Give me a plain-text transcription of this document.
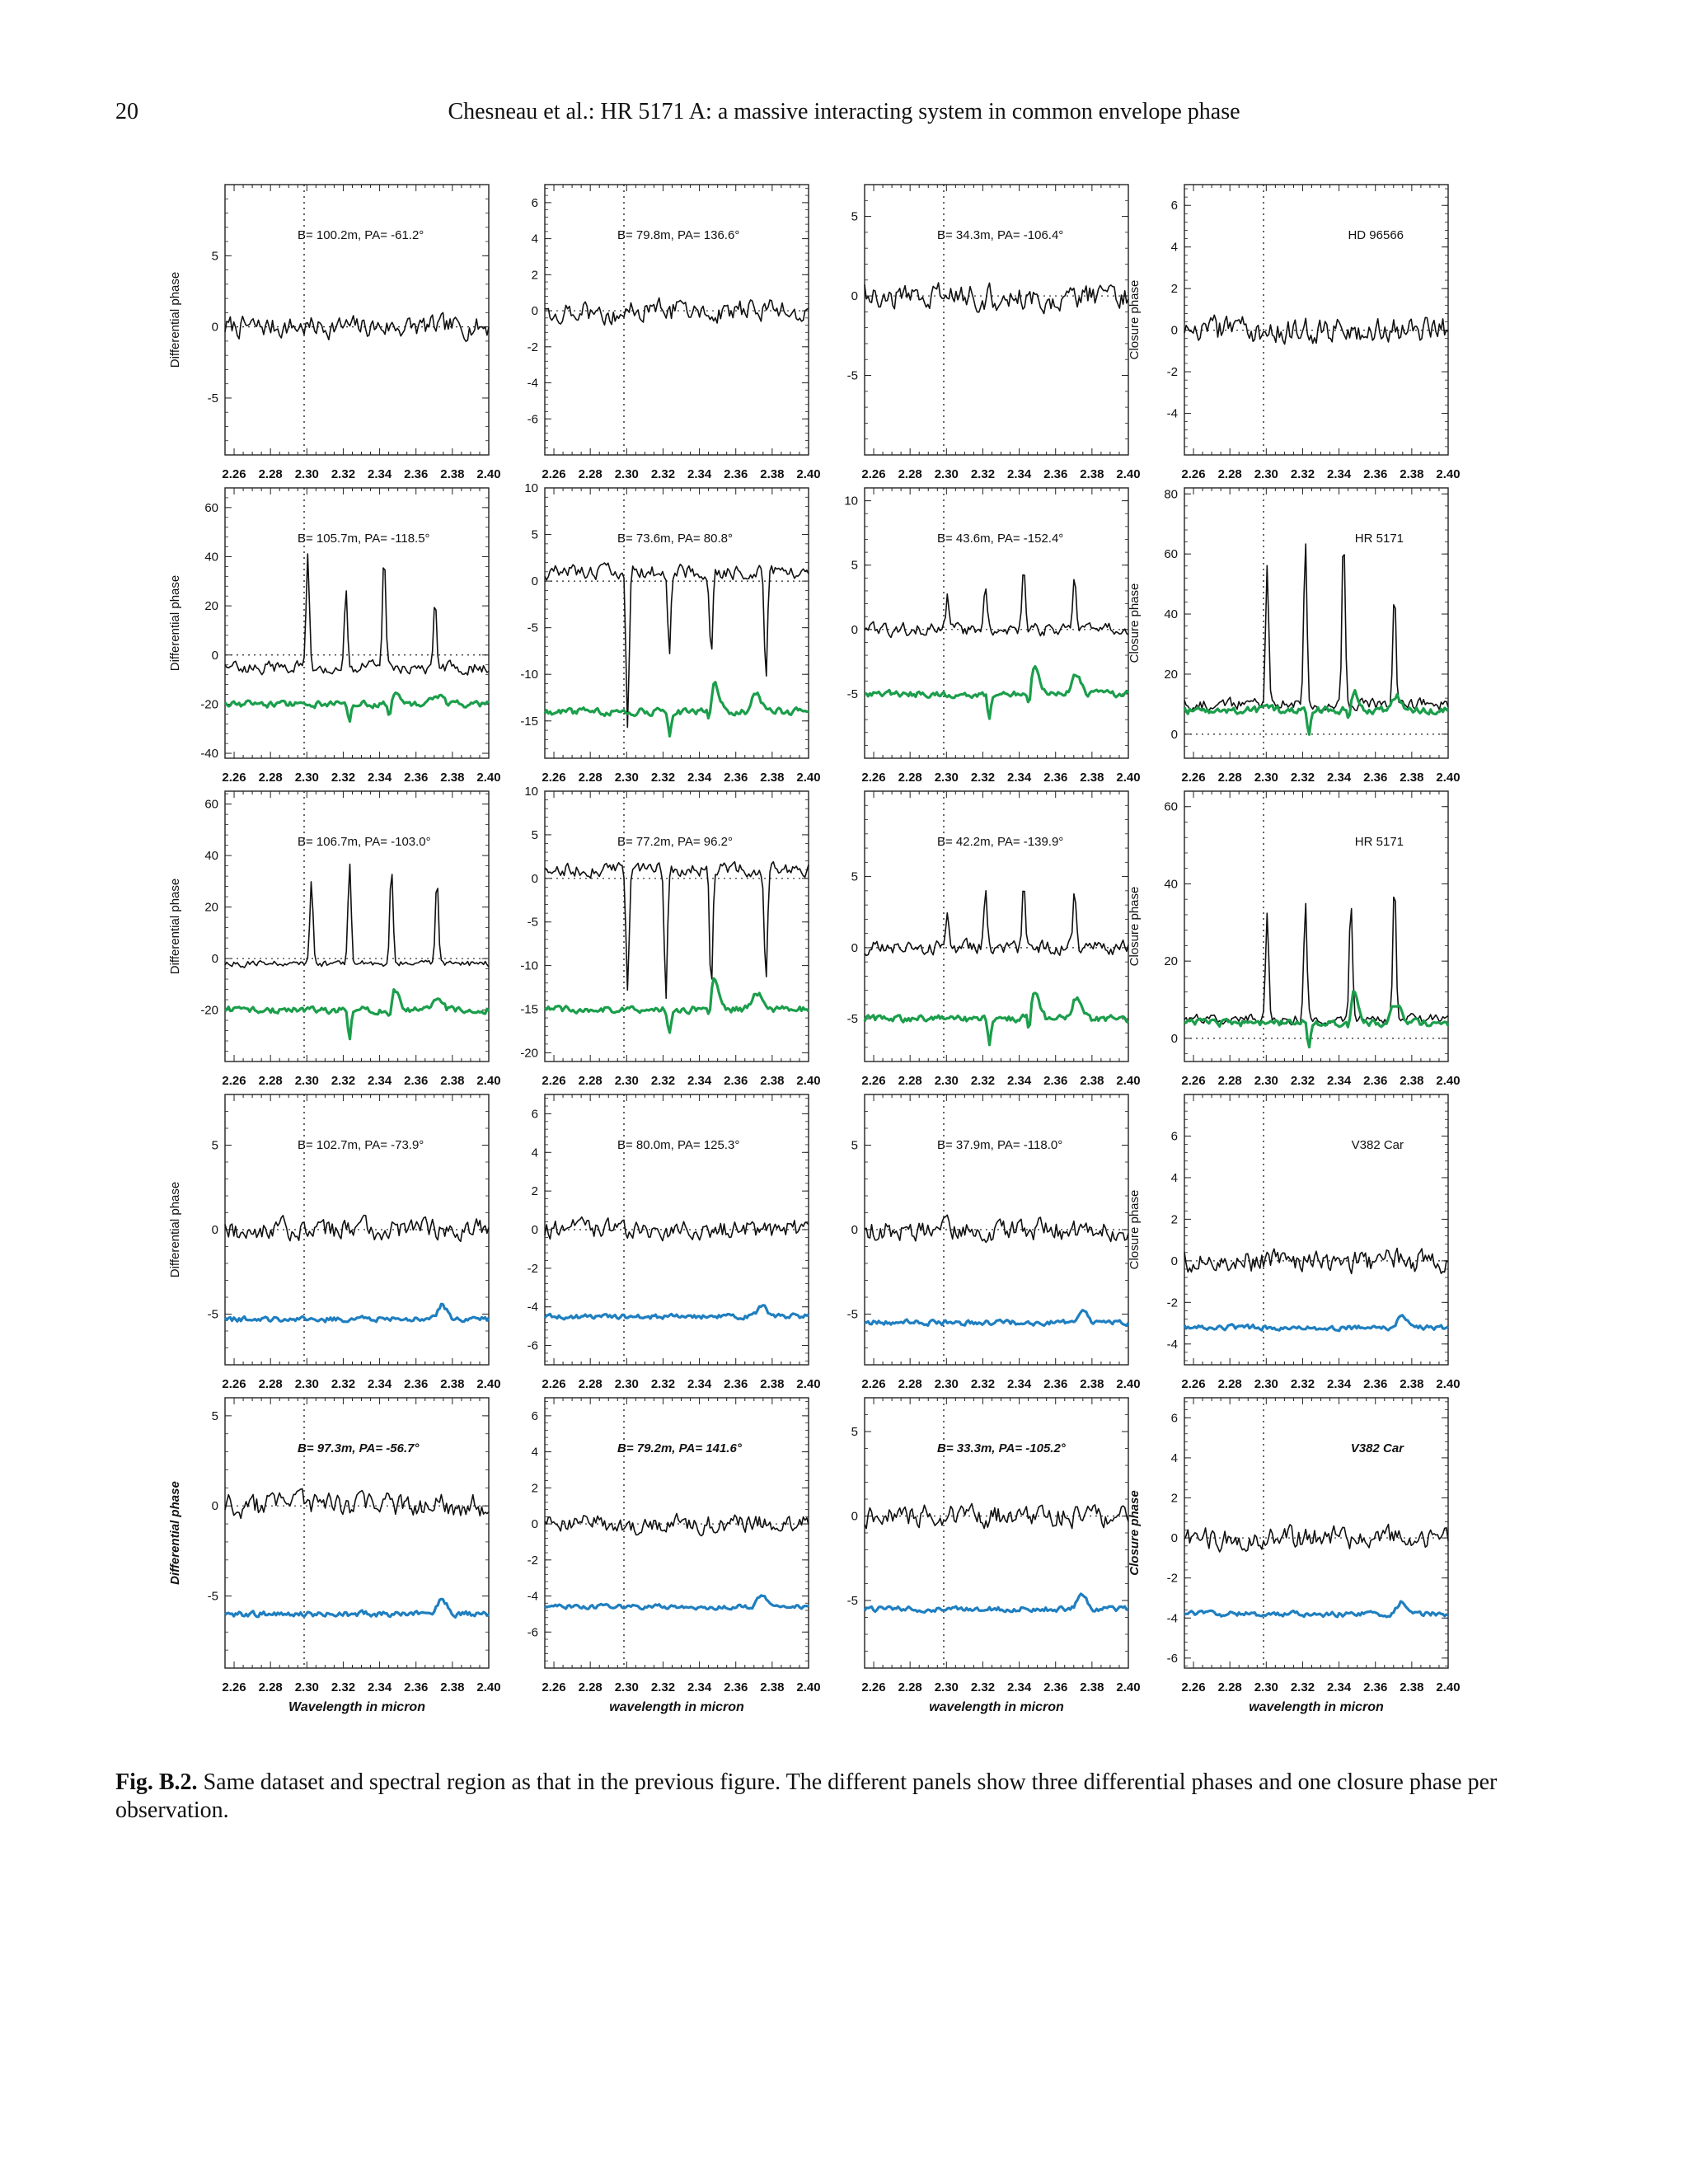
20	Chesneau et al.: HR 5171 A: a massive interacting system in common envelope phase
2.26 2.28 2.30 2.32 2.34 2.36 2.38 2.40
-5
0
5
B= 100.2m, PA= -61.2°
Differential phase
2.26 2.28 2.30 2.32 2.34 2.36 2.38 2.40
-6
-4
-2
0
2
4
6
B= 79.8m, PA= 136.6°
2.26 2.28 2.30 2.32 2.34 2.36 2.38 2.40
-5
0
5
B= 34.3m, PA= -106.4°
2.26 2.28 2.30 2.32 2.34 2.36 2.38 2.40
-4
-2
0
2
4
6
HD 96566
Closure phase
2.26 2.28 2.30 2.32 2.34 2.36 2.38 2.40
-40
-20
0
20
40
60
B= 105.7m, PA= -118.5°
Differential phase
2.26 2.28 2.30 2.32 2.34 2.36 2.38 2.40
-15
-10
-5
0
5
10
B= 73.6m, PA= 80.8°
2.26 2.28 2.30 2.32 2.34 2.36 2.38 2.40
-5
0
5
10
B= 43.6m, PA= -152.4°
2.26 2.28 2.30 2.32 2.34 2.36 2.38 2.40
0
20
40
60
80
HR 5171
Closure phase
2.26 2.28 2.30 2.32 2.34 2.36 2.38 2.40
-20
0
20
40
60
B= 106.7m, PA= -103.0°
Differential phase
2.26 2.28 2.30 2.32 2.34 2.36 2.38 2.40
-20
-15
-10
-5
0
5
10
B= 77.2m, PA= 96.2°
2.26 2.28 2.30 2.32 2.34 2.36 2.38 2.40
-5
0
5
B= 42.2m, PA= -139.9°
2.26 2.28 2.30 2.32 2.34 2.36 2.38 2.40
0
20
40
60
HR 5171
Closure phase
2.26 2.28 2.30 2.32 2.34 2.36 2.38 2.40
-5
0
5	B= 102.7m, PA= -73.9°
Differential phase
2.26 2.28 2.30 2.32 2.34 2.36 2.38 2.40
-6
-4
-2
0
2
4
6
B= 80.0m, PA= 125.3°
2.26 2.28 2.30 2.32 2.34 2.36 2.38 2.40
-5
0
5	B= 37.9m, PA= -118.0°
2.26 2.28 2.30 2.32 2.34 2.36 2.38 2.40
-4
-2
0
2
4
6
V382 Car
Closure phase
2.26 2.28 2.30 2.32 2.34 2.36 2.38 2.40
-5
0
5
B= 97.3m, PA= -56.7°
Differential phase
Wavelength in micron
2.26 2.28 2.30 2.32 2.34 2.36 2.38 2.40
-6
-4
-2
0
2
4
6
B= 79.2m, PA= 141.6°
wavelength in micron
2.26 2.28 2.30 2.32 2.34 2.36 2.38 2.40
-5
0
5
B= 33.3m, PA= -105.2°
wavelength in micron
2.26 2.28 2.30 2.32 2.34 2.36 2.38 2.40
-6
-4
-2
0
2
4
6
V382 Car
Closure phase
wavelength in micron
Fig. B.2. Same dataset and spectral region as that in the previous figure. The different panels show three differential phases and one closure phase per observation.
